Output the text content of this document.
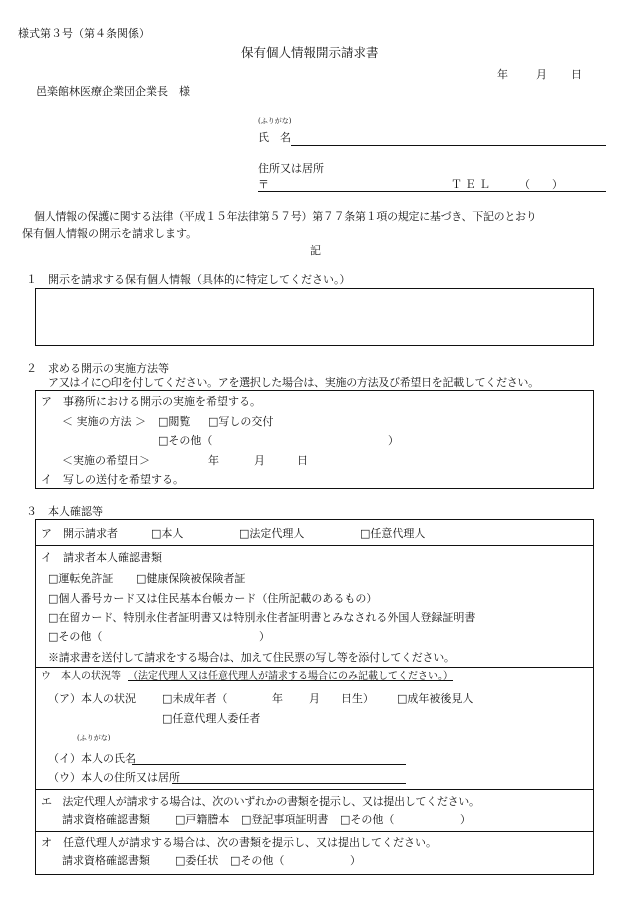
様式第３号（第４条関係）
保有個人情報開示請求書
年	月 日
邑楽館林医療企業団企業長　様
(ふりがな)
氏　名
住所又は居所
〒	ＴＥＬ （　　）
個人情報の保護に関する法律（平成１５年法律第５７号）第７７条第１項の規定に基づき、下記のとおり
保有個人情報の開示を請求します。
記
１　開示を請求する保有個人情報（具体的に特定してください。）
２　求める開示の実施方法等
ア又はイに○印を付してください。アを選択した場合は、実施の方法及び希望日を記載してください。
ア　事務所における開示の実施を希望する。
＜ 実施の方法 ＞ □閲覧 □写しの交付
□その他（	）
＜実施の希望日＞	年	月	日
イ　写しの送付を希望する。
３　本人確認等
ア　開示請求者	□本人	□法定代理人	□任意代理人
イ　請求者本人確認書類
□運転免許証 □健康保険被保険者証
□個人番号カード又は住民基本台帳カード（住所記載のあるもの）
□在留カード、特別永住者証明書又は特別永住者証明書とみなされる外国人登録証明書
□その他（	）
※請求書を送付して請求をする場合は、加えて住民票の写し等を添付してください。
ウ　本人の状況等 （法定代理人又は任意代理人が請求する場合にのみ記載してください。）
（ア）本人の状況 □未成年者（	年 月 日生） □成年被後見人
□任意代理人委任者
(ふりがな)
（イ）本人の氏名
（ウ）本人の住所又は居所
エ　法定代理人が請求する場合は、次のいずれかの書類を提示し、又は提出してください。
請求資格確認書類 □戸籍謄本 □登記事項証明書 □その他（	）
オ　任意代理人が請求する場合は、次の書類を提示し、又は提出してください。
請求資格確認書類 □委任状 □その他（	）
